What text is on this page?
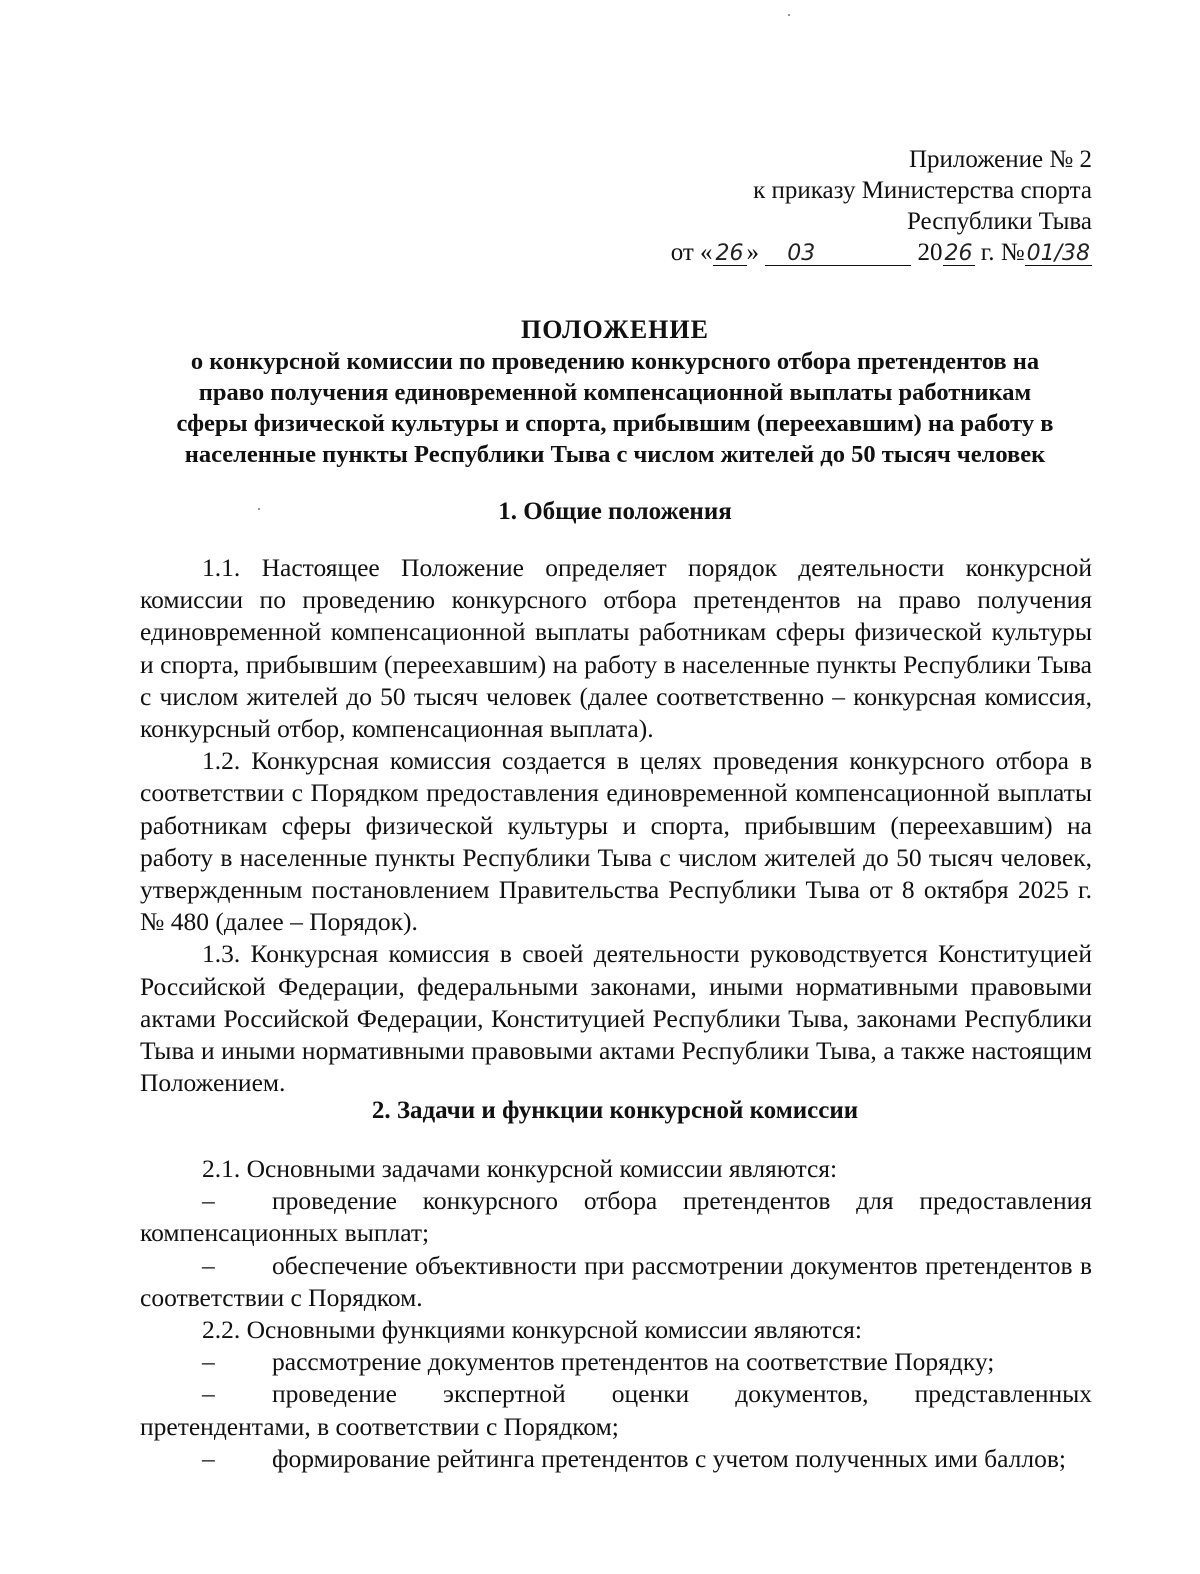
Приложение № 2
к приказу Министерства спорта
Республики Тыва
от « 26 » 03	2026 г. №01/38
ПОЛОЖЕНИЕ
о конкурсной комиссии по проведению конкурсного отбора претендентов на
право получения единовременной компенсационной выплаты работникам
сферы физической культуры и спорта, прибывшим (переехавшим) на работу в
населенные пункты Республики Тыва с числом жителей до 50 тысяч человек
1. Общие положения

1.1. Настоящее Положение определяет порядок деятельности конкурсной комиссии по проведению конкурсного отбора претендентов на право получения единовременной компенсационной выплаты работникам сферы физической культуры и спорта, прибывшим (переехавшим) на работу в населенные пункты Республики Тыва с числом жителей до 50 тысяч человек (далее соответственно – конкурсная комиссия, конкурсный отбор, компенсационная выплата).

1.2. Конкурсная комиссия создается в целях проведения конкурсного отбора в соответствии с Порядком предоставления единовременной компенсационной выплаты работникам сферы физической культуры и спорта, прибывшим (переехавшим) на работу в населенные пункты Республики Тыва с числом жителей до 50 тысяч человек, утвержденным постановлением Правительства Республики Тыва от 8 октября 2025 г. № 480 (далее – Порядок).

1.3. Конкурсная комиссия в своей деятельности руководствуется Конституцией Российской Федерации, федеральными законами, иными нормативными правовыми актами Российской Федерации, Конституцией Республики Тыва, законами Республики Тыва и иными нормативными правовыми актами Республики Тыва, а также настоящим Положением.

2. Задачи и функции конкурсной комиссии

2.1. Основными задачами конкурсной комиссии являются:

– проведение конкурсного отбора претендентов для предоставления компенсационных выплат;

– обеспечение объективности при рассмотрении документов претендентов в соответствии с Порядком.

2.2. Основными функциями конкурсной комиссии являются:

– рассмотрение документов претендентов на соответствие Порядку;

– проведение экспертной оценки документов, представленных претендентами, в соответствии с Порядком;

– формирование рейтинга претендентов с учетом полученных ими баллов;
